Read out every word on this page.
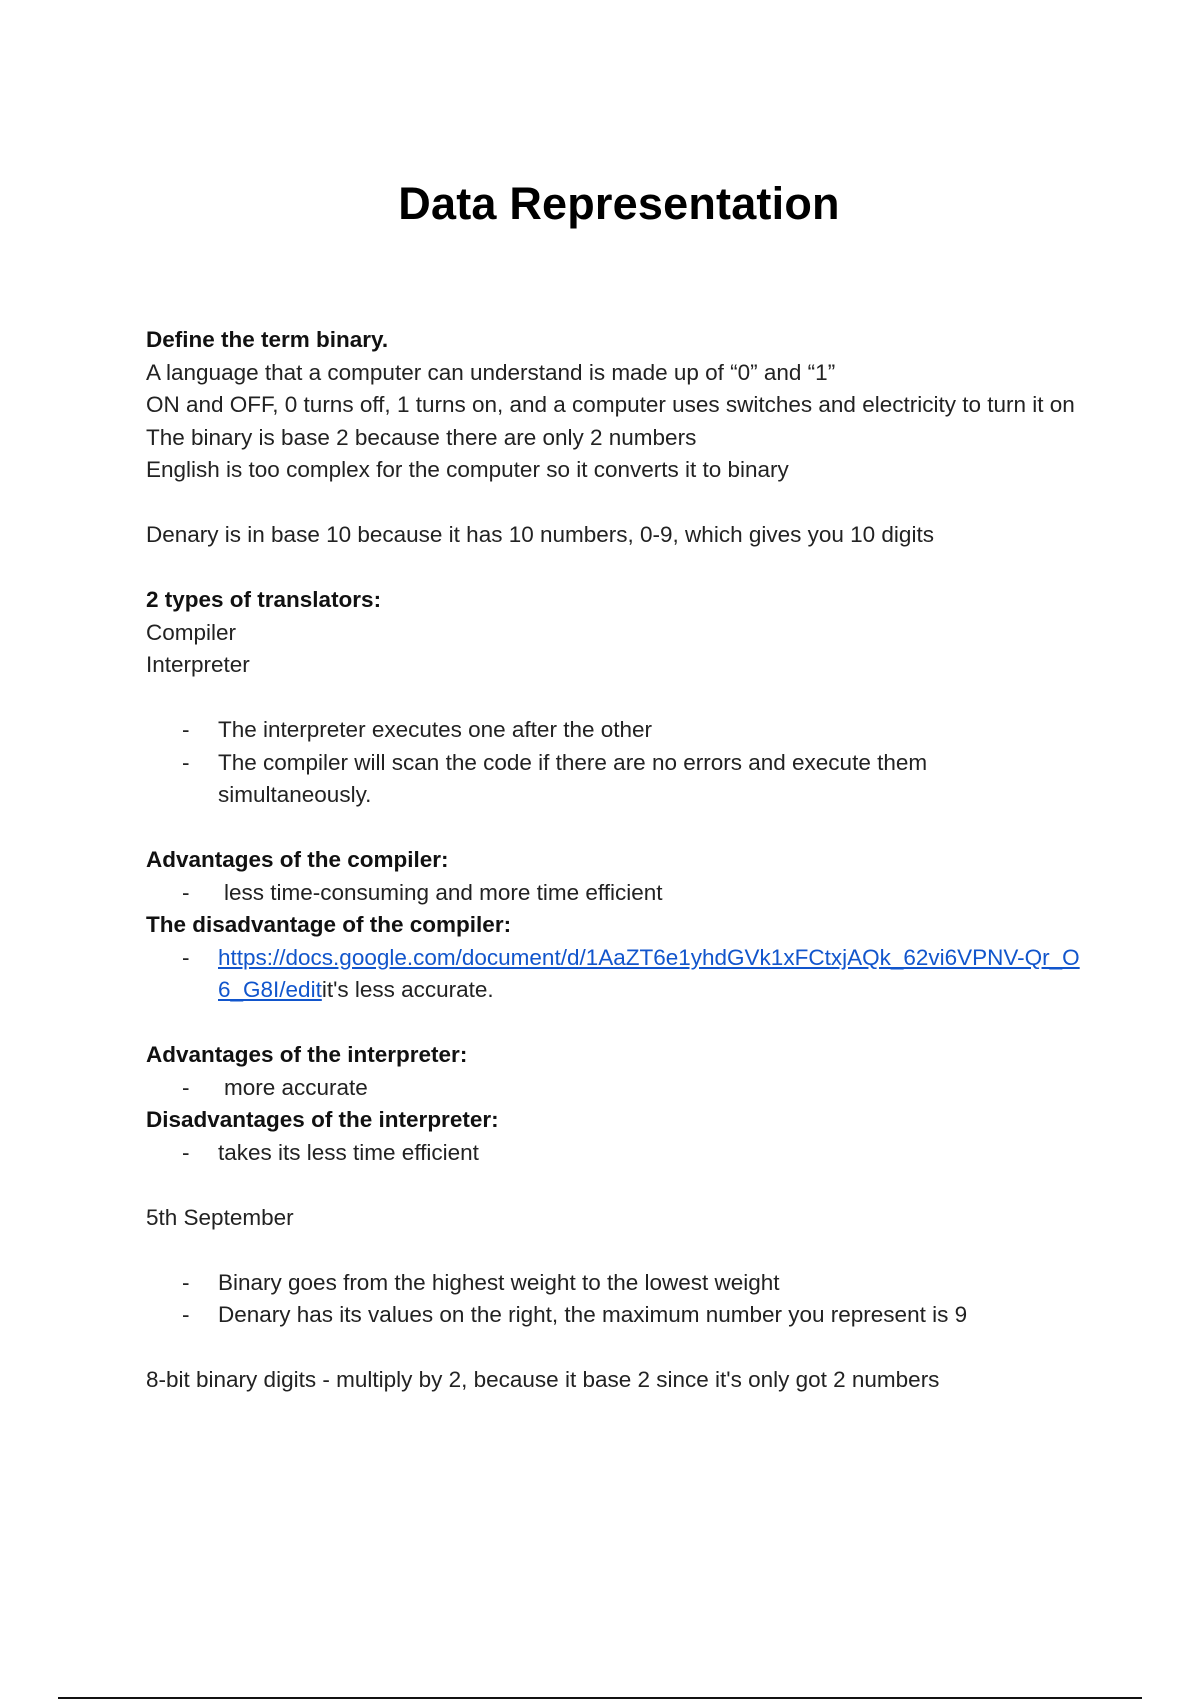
Data Representation

Define the term binary.

A language that a computer can understand is made up of “0” and “1”

ON and OFF, 0 turns off, 1 turns on, and a computer uses switches and electricity to turn it on

The binary is base 2 because there are only 2 numbers

English is too complex for the computer so it converts it to binary

Denary is in base 10 because it has 10 numbers, 0-9, which gives you 10 digits

2 types of translators:

Compiler

Interpreter

- The interpreter executes one after the other
- The compiler will scan the code if there are no errors and execute them simultaneously.

Advantages of the compiler:

- less time-consuming and more time efficient

The disadvantage of the compiler:

- https://docs.google.com/document/d/1AaZT6e1yhdGVk1xFCtxjAQk_62vi6VPNV-Qr_O6_G8I/editit's less accurate.

Advantages of the interpreter:

- more accurate

Disadvantages of the interpreter:

- takes its less time efficient

5th September

- Binary goes from the highest weight to the lowest weight
- Denary has its values on the right, the maximum number you represent is 9

8-bit binary digits - multiply by 2, because it base 2 since it's only got 2 numbers
